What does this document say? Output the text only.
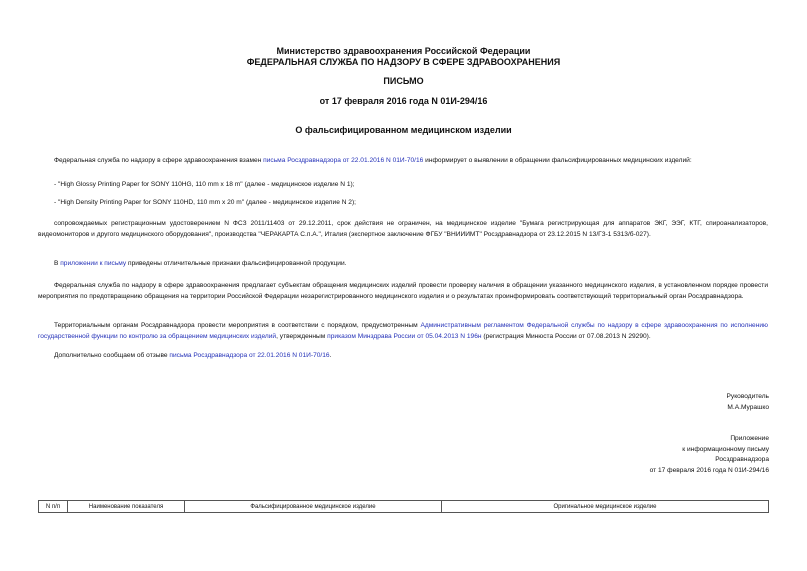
Министерство здравоохранения Российской Федерации
ФЕДЕРАЛЬНАЯ СЛУЖБА ПО НАДЗОРУ В СФЕРЕ ЗДРАВООХРАНЕНИЯ
ПИСЬМО
от 17 февраля 2016 года N 01И-294/16
О фальсифицированном медицинском изделии
Федеральная служба по надзору в сфере здравоохранения взамен письма Росздравнадзора от 22.01.2016 N 01И-70/16 информирует о выявлении в обращении фальсифицированных медицинских изделий:
- "High Glossy Printing Paper for SONY 110HG, 110 mm x 18 m" (далее - медицинское изделие N 1);
- "High Density Printing Paper for SONY 110HD, 110 mm x 20 m" (далее - медицинское изделие N 2);
сопровождаемых регистрационным удостоверением N ФСЗ 2011/11403 от 29.12.2011, срок действия не ограничен, на медицинское изделие "Бумага регистрирующая для аппаратов ЭКГ, ЭЭГ, КТГ, спироанализаторов, видеомониторов и другого медицинского оборудования", производства "ЧЕРАКАРТА С.п.А.", Италия (экспертное заключение ФГБУ "ВНИИИМТ" Росздравнадзора от 23.12.2015 N 13/ГЗ-1 5313/б-027).
В приложении к письму приведены отличительные признаки фальсифицированной продукции.
Федеральная служба по надзору в сфере здравоохранения предлагает субъектам обращения медицинских изделий провести проверку наличия в обращении указанного медицинского изделия, в установленном порядке провести мероприятия по предотвращению обращения на территории Российской Федерации незарегистрированного медицинского изделия и о результатах проинформировать соответствующий территориальный орган Росздравнадзора.
Территориальным органам Росздравнадзора провести мероприятия в соответствии с порядком, предусмотренным Административным регламентом Федеральной службы по надзору в сфере здравоохранения по исполнению государственной функции по контролю за обращением медицинских изделий, утвержденным приказом Минздрава России от 05.04.2013 N 196н (регистрация Минюста России от 07.08.2013 N 29290).
Дополнительно сообщаем об отзыве письма Росздравнадзора от 22.01.2016 N 01И-70/16.
Руководитель
М.А.Мурашко
Приложение
к информационному письму
Росздравнадзора
от 17 февраля 2016 года N 01И-294/16
N п/п	Наименование показателя	Фальсифицированное медицинское изделие	Оригинальное медицинское изделие
